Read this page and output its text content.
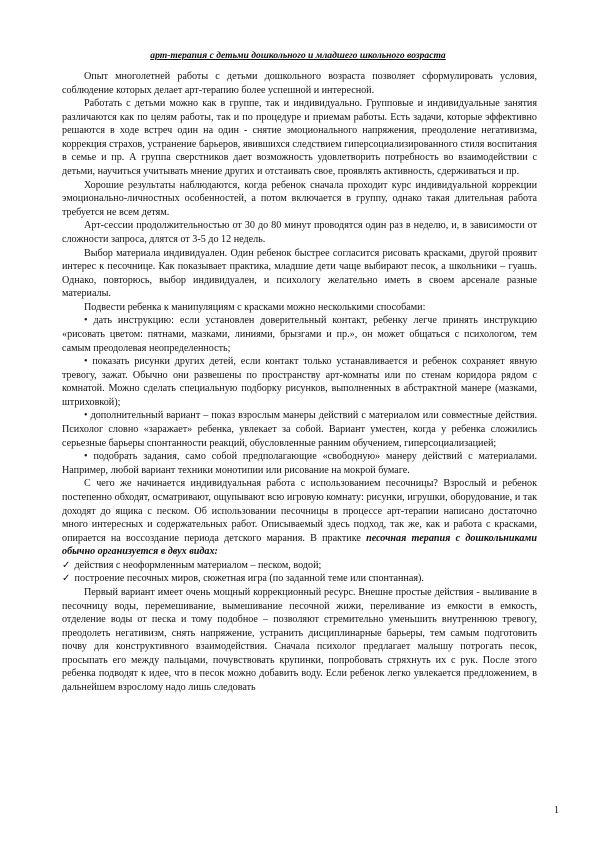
арт-терапия с детьми дошкольного и младшего школьного возраста

Опыт многолетней работы с детьми дошкольного возраста позволяет сформулировать условия, соблюдение которых делает арт-терапию более успешной и интересной.

Работать с детьми можно как в группе, так и индивидуально. Групповые и индивидуальные занятия различаются как по целям работы, так и по процедуре и приемам работы. Есть задачи, которые эффективно решаются в ходе встреч один на один - снятие эмоционального напряжения, преодоление негативизма, коррекция страхов, устранение барьеров, явившихся следствием гиперсоциализированного стиля воспитания в семье и пр. А группа сверстников дает возможность удовлетворить потребность во взаимодействии с детьми, научиться учитывать мнение других и отстаивать свое, проявлять активность, сдерживаться и пр.

Хорошие результаты наблюдаются, когда ребенок сначала проходит курс индивидуальной коррекции эмоционально-личностных особенностей, а потом включается в группу, однако такая длительная работа требуется не всем детям.

Арт-сессии продолжительностью от 30 до 80 минут проводятся один раз в неделю, и, в зависимости от сложности запроса, длятся от 3-5 до 12 недель.

Выбор материала индивидуален. Один ребенок быстрее согласится рисовать красками, другой проявит интерес к песочнице. Как показывает практика, младшие дети чаще выбирают песок, а школьники – гуашь. Однако, повторюсь, выбор индивидуален, и психологу желательно иметь в своем арсенале разные материалы.

Подвести ребенка к манипуляциям с красками можно несколькими способами:

• дать инструкцию: если установлен доверительный контакт, ребенку легче принять инструкцию «рисовать цветом: пятнами, мазками, линиями, брызгами и пр.», он может общаться с психологом, тем самым преодолевая неопределенность;

• показать рисунки других детей, если контакт только устанавливается и ребенок сохраняет явную тревогу, зажат. Обычно они развешены по пространству арт-комнаты или по стенам коридора рядом с комнатой. Можно сделать специальную подборку рисунков, выполненных в абстрактной манере (мазками, штриховкой);

• дополнительный вариант – показ взрослым манеры действий с материалом или совместные действия. Психолог словно «заражает» ребенка, увлекает за собой. Вариант уместен, когда у ребенка сложились серьезные барьеры спонтанности реакций, обусловленные ранним обучением, гиперсоциализацией;

• подобрать задания, само собой предполагающие «свободную» манеру действий с материалами. Например, любой вариант техники монотипии или рисование на мокрой бумаге.

С чего же начинается индивидуальная работа с использованием песочницы? Взрослый и ребенок постепенно обходят, осматривают, ощупывают всю игровую комнату: рисунки, игрушки, оборудование, и так доходят до ящика с песком. Об использовании песочницы в процессе арт-терапии написано достаточно много интересных и содержательных работ. Описываемый здесь подход, так же, как и работа с красками, опирается на воссоздание периода детского марания. В практике песочная терапия с дошкольниками обычно организуется в двух видах:

✓ действия с неоформленным материалом – песком, водой;

✓ построение песочных миров, сюжетная игра (по заданной теме или спонтанная).

Первый вариант имеет очень мощный коррекционный ресурс. Внешне простые действия - выливание в песочницу воды, перемешивание, вымешивание песочной жижи, переливание из емкости в емкость, отделение воды от песка и тому подобное – позволяют стремительно уменьшить внутреннюю тревогу, преодолеть негативизм, снять напряжение, устранить дисциплинарные барьеры, тем самым подготовить почву для конструктивного взаимодействия. Сначала психолог предлагает малышу потрогать песок, просыпать его между пальцами, почувствовать крупинки, попробовать стряхнуть их с рук. После этого ребенка подводят к идее, что в песок можно добавить воду. Если ребенок легко увлекается предложением, в дальнейшем взрослому надо лишь следовать

1
